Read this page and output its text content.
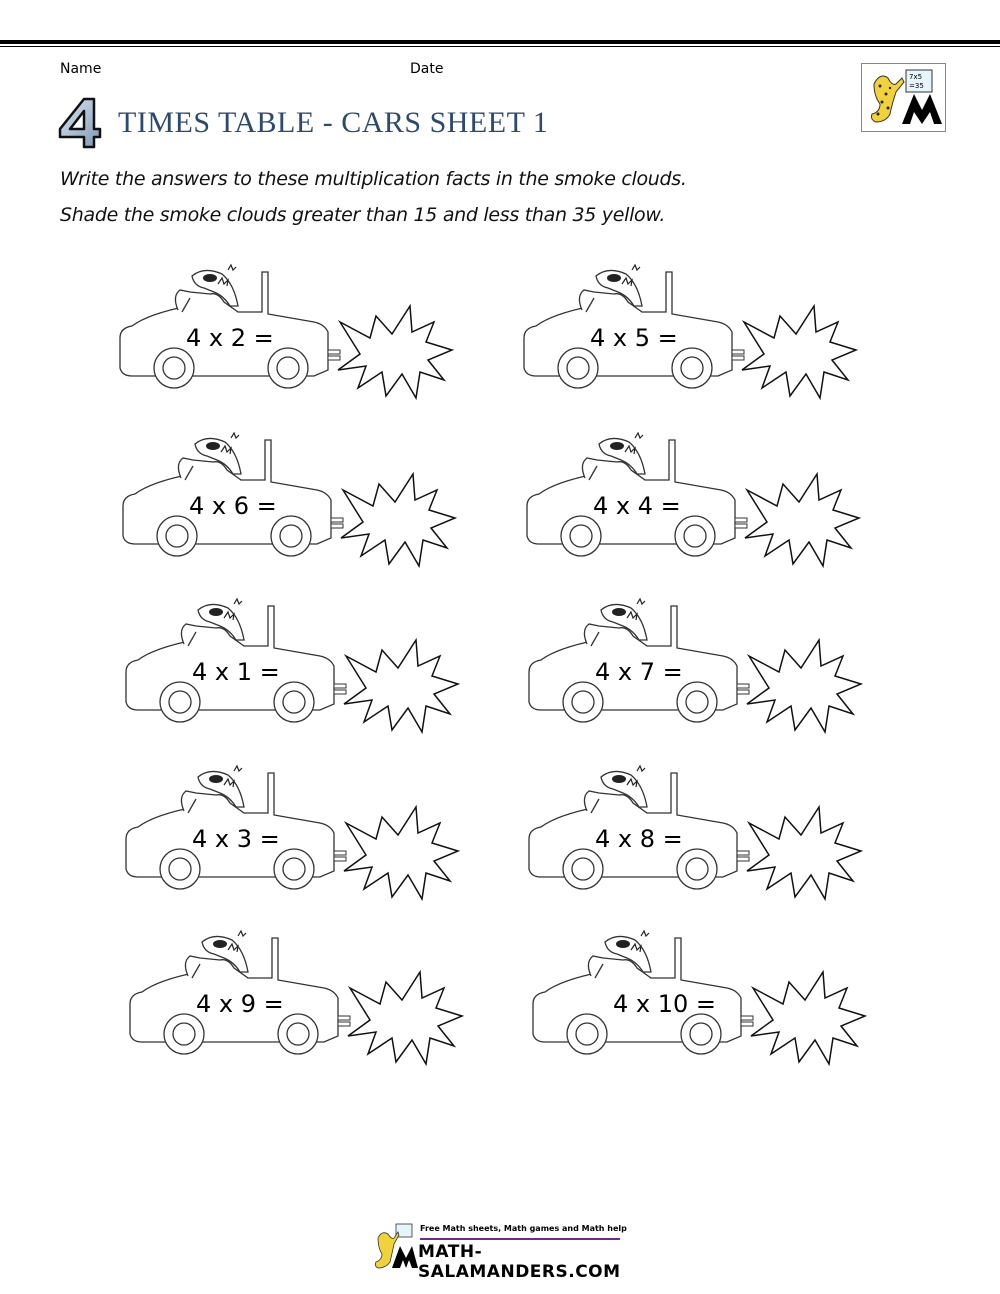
Name	Date
TIMES TABLE - CARS SHEET 1
7x5
=35
Write the answers to these multiplication facts in the smoke clouds.
Shade the smoke clouds greater than 15 and less than 35 yellow.
4 x 2 =	4 x 5 =
4 x 6 =	4 x 4 =
4 x 1 =	4 x 7 =
4 x 3 =	4 x 8 =
4 x 9 =	4 x 10 =
Free Math sheets, Math games and Math help
MATH-SALAMANDERS.COM
